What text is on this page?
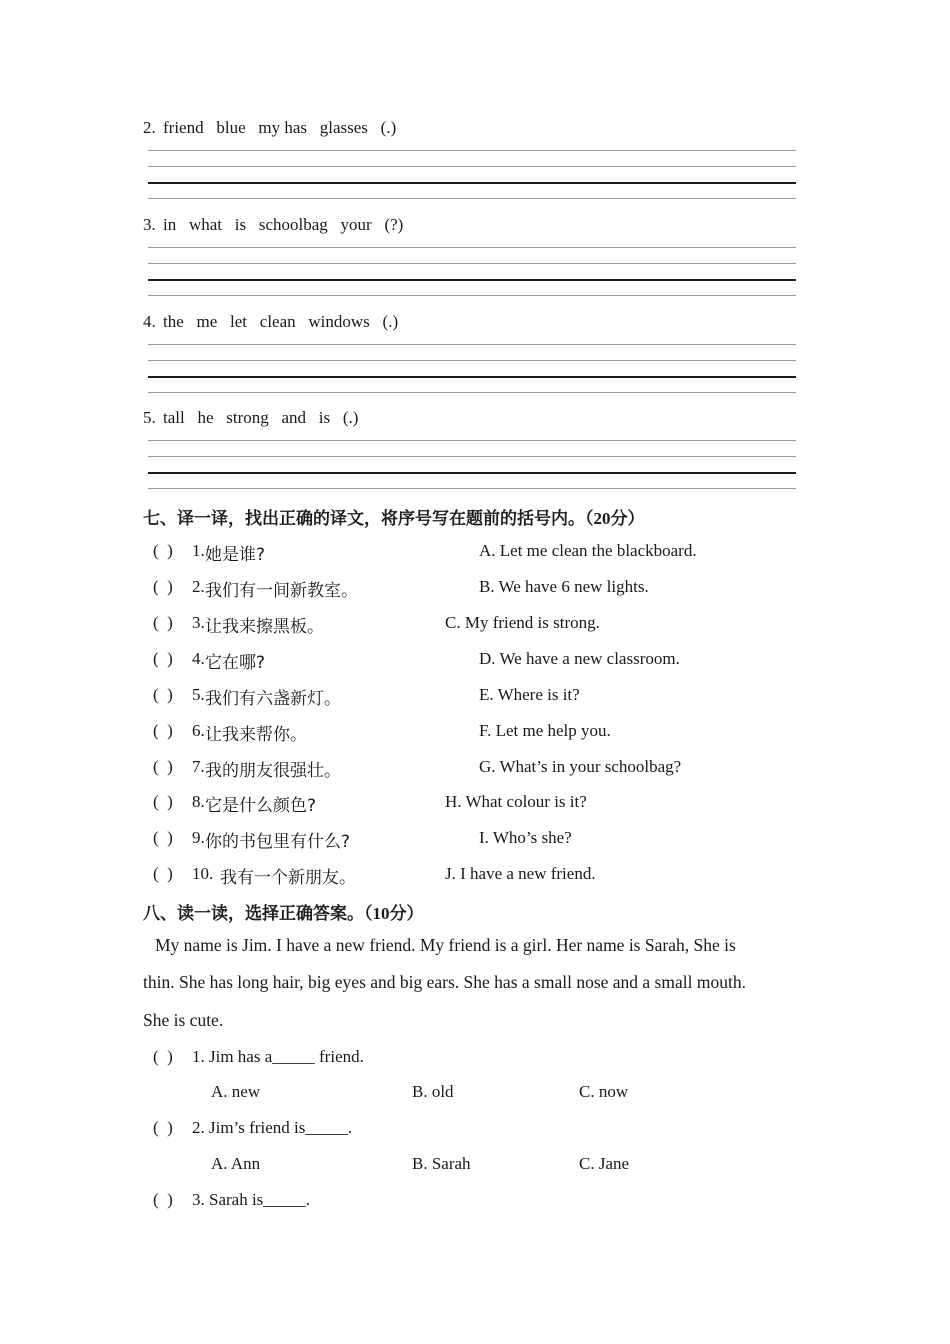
2. friend   blue   my has   glasses   (.)
3. in   what   is   schoolbag   your   (?)
4. the   me   let   clean   windows   (.)
5. tall   he   strong   and   is   (.)
七、译一译，找出正确的译文，将序号写在题前的括号内。（20分）
(  ) 1. 她是谁?	A. Let me clean the blackboard.
(  ) 2. 我们有一间新教室。	B. We have 6 new lights.
(  ) 3. 让我来擦黑板。	C. My friend is strong.
(  ) 4. 它在哪?	D. We have a new classroom.
(  ) 5. 我们有六盏新灯。	E. Where is it?
(  ) 6. 让我来帮你。	F. Let me help you.
(  ) 7. 我的朋友很强壮。	G. What’s in your schoolbag?
(  ) 8. 它是什么颜色?	H. What colour is it?
(  ) 9. 你的书包里有什么?	I. Who’s she?
(  ) 10. 我有一个新朋友。	J. I have a new friend.
八、读一读，选择正确答案。（10分）
My name is Jim. I have a new friend. My friend is a girl. Her name is Sarah, She is
thin. She has long hair, big eyes and big ears. She has a small nose and a small mouth.
She is cute.
(  ) 1. Jim has a_____ friend.
A. new	B. old	C. now
(  ) 2. Jim’s friend is_____.
A. Ann	B. Sarah	C. Jane
(  ) 3. Sarah is_____.
